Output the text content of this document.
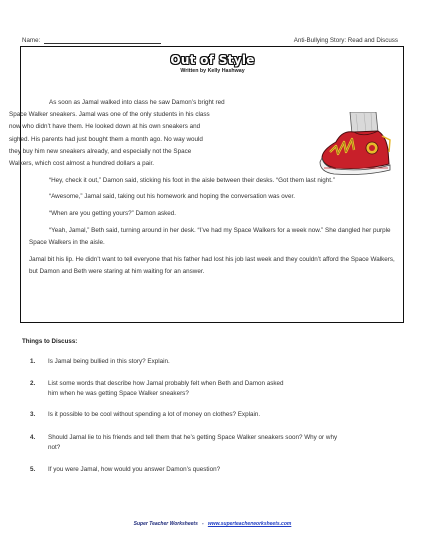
Name:	Anti-Bullying Story: Read and Discuss
Out of Style
Written by Kelly Hashway

As soon as Jamal walked into class he saw Damon’s bright red
Space Walker sneakers. Jamal was one of the only students in his class
now who didn’t have them. He looked down at his own sneakers and
sighed. His parents had just bought them a month ago. No way would
they buy him new sneakers already, and especially not the Space
Walkers, which cost almost a hundred dollars a pair.

“Hey, check it out,” Damon said, sticking his foot in the aisle between their desks. “Got them last night.”

“Awesome,” Jamal said, taking out his homework and hoping the conversation was over.

“When are you getting yours?” Damon asked.

“Yeah, Jamal,” Beth said, turning around in her desk. “I’ve had my Space Walkers for a week now.” She dangled her purple Space Walkers in the aisle.

Jamal bit his lip. He didn’t want to tell everyone that his father had lost his job last week and they couldn’t afford the Space Walkers, but Damon and Beth were staring at him waiting for an answer.

Things to Discuss:
1. Is Jamal being bullied in this story? Explain.
2. List some words that describe how Jamal probably felt when Beth and Damon asked him when he was getting Space Walker sneakers?
3. Is it possible to be cool without spending a lot of money on clothes? Explain.
4. Should Jamal lie to his friends and tell them that he’s getting Space Walker sneakers soon? Why or why not?
5. If you were Jamal, how would you answer Damon’s question?
Super Teacher Worksheets - www.superteacherworksheets.com
